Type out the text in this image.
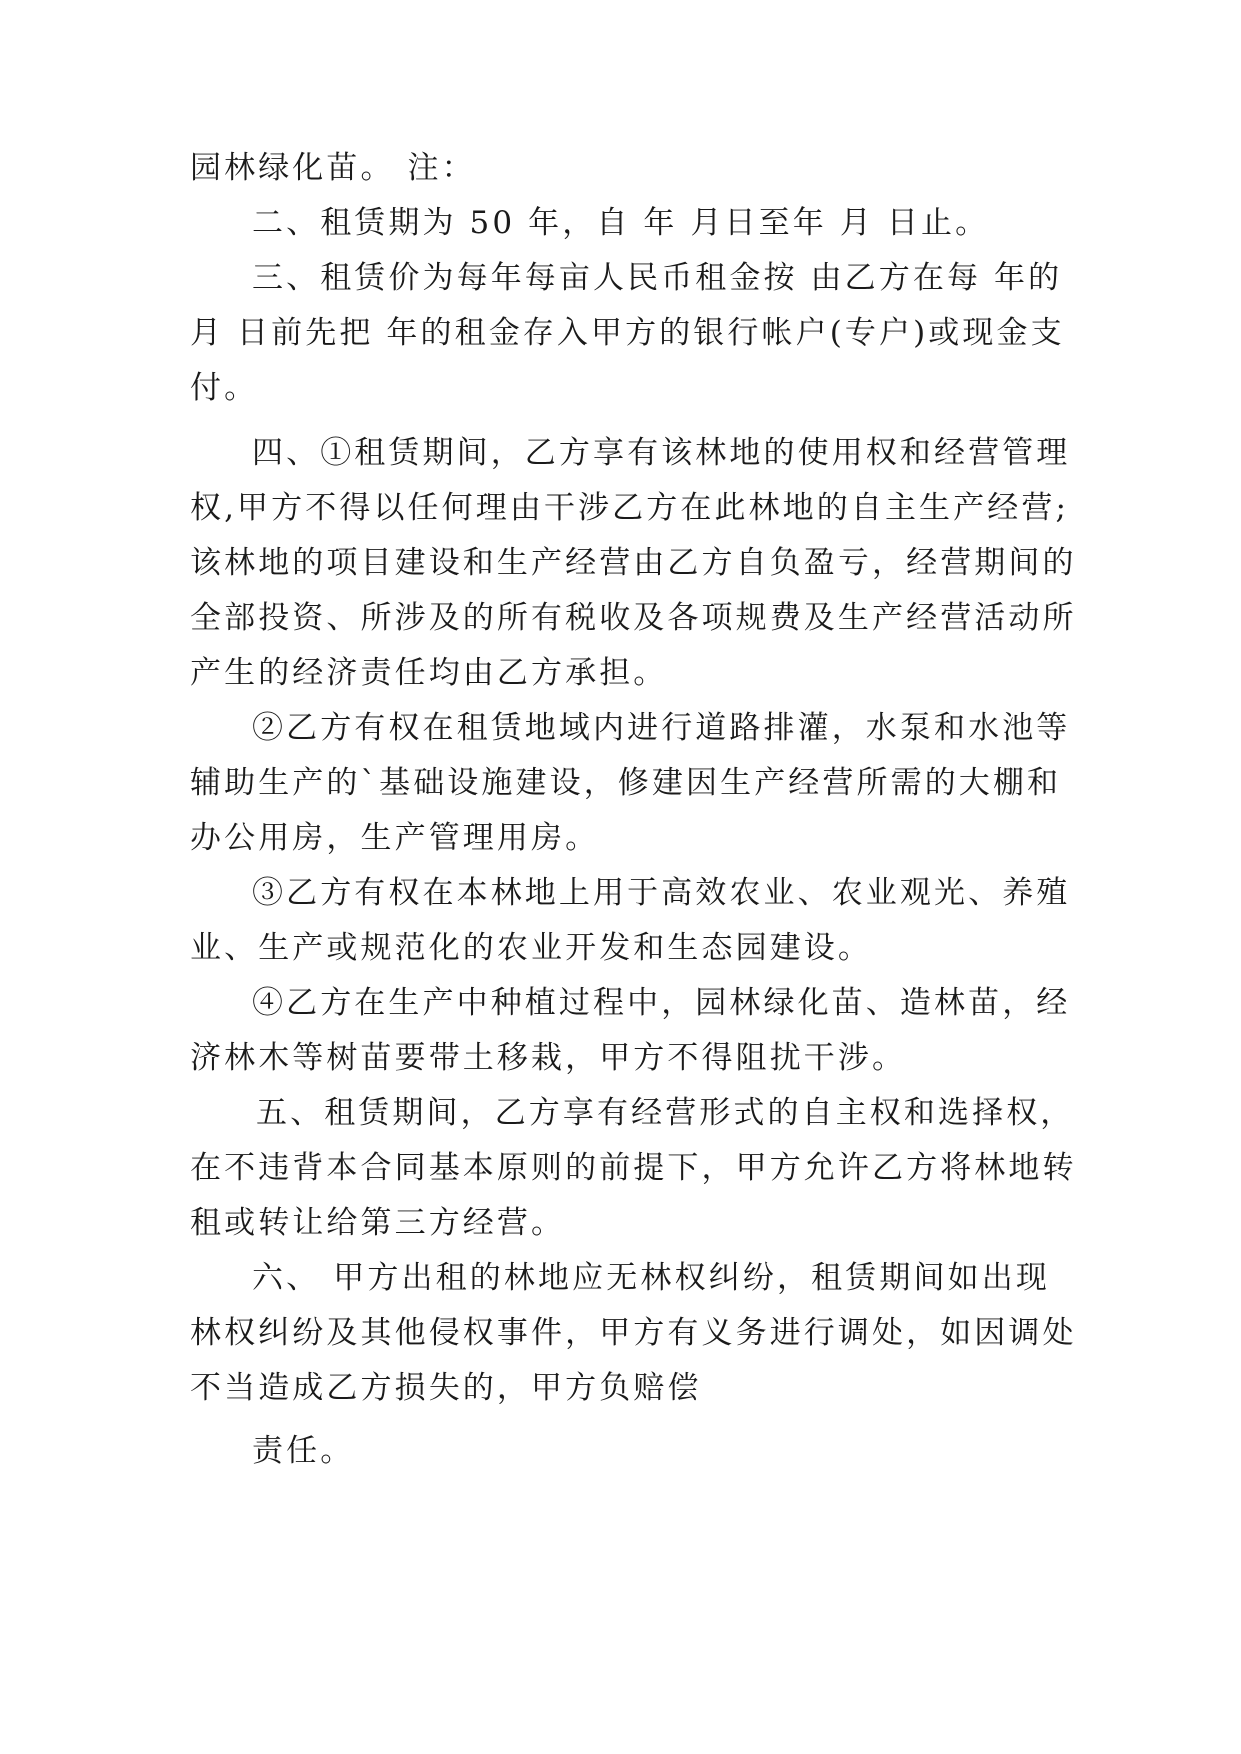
园林绿化苗。 注：
二、租赁期为 50 年，自 年 月日至年 月 日止。
三、租赁价为每年每亩人民币租金按 由乙方在每 年的
月 日前先把 年的租金存入甲方的银行帐户(专户)或现金支
付。
四、①租赁期间，乙方享有该林地的使用权和经营管理
权,甲方不得以任何理由干涉乙方在此林地的自主生产经营;
该林地的项目建设和生产经营由乙方自负盈亏，经营期间的
全部投资、所涉及的所有税收及各项规费及生产经营活动所
产生的经济责任均由乙方承担。
②乙方有权在租赁地域内进行道路排灌，水泵和水池等
辅助生产的`基础设施建设，修建因生产经营所需的大棚和
办公用房，生产管理用房。
③乙方有权在本林地上用于高效农业、农业观光、养殖
业、生产或规范化的农业开发和生态园建设。
④乙方在生产中种植过程中，园林绿化苗、造林苗，经
济林木等树苗要带土移栽，甲方不得阻扰干涉。
五、租赁期间，乙方享有经营形式的自主权和选择权，
在不违背本合同基本原则的前提下，甲方允许乙方将林地转
租或转让给第三方经营。
六、 甲方出租的林地应无林权纠纷，租赁期间如出现
林权纠纷及其他侵权事件，甲方有义务进行调处，如因调处
不当造成乙方损失的，甲方负赔偿
责任。
